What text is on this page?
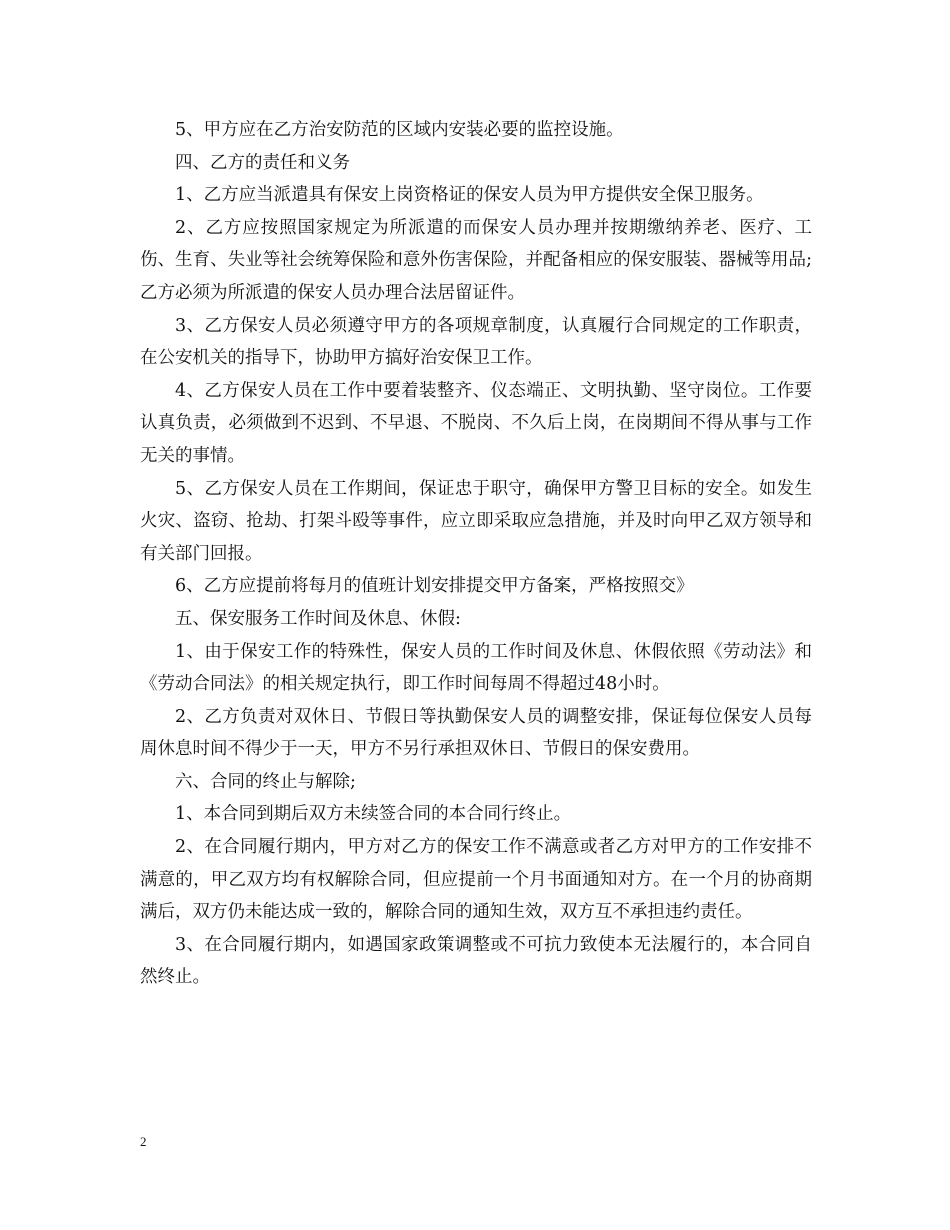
5、甲方应在乙方治安防范的区域内安装必要的监控设施。

四、乙方的责任和义务

1、乙方应当派遣具有保安上岗资格证的保安人员为甲方提供安全保卫服务。

2、乙方应按照国家规定为所派遣的而保安人员办理并按期缴纳养老、医疗、工伤、生育、失业等社会统筹保险和意外伤害保险，并配备相应的保安服装、器械等用品;乙方必须为所派遣的保安人员办理合法居留证件。

3、乙方保安人员必须遵守甲方的各项规章制度，认真履行合同规定的工作职责，在公安机关的指导下，协助甲方搞好治安保卫工作。

4、乙方保安人员在工作中要着装整齐、仪态端正、文明执勤、坚守岗位。工作要认真负责，必须做到不迟到、不早退、不脱岗、不久后上岗，在岗期间不得从事与工作无关的事情。

5、乙方保安人员在工作期间，保证忠于职守，确保甲方警卫目标的安全。如发生火灾、盗窃、抢劫、打架斗殴等事件，应立即采取应急措施，并及时向甲乙双方领导和有关部门回报。

6、乙方应提前将每月的值班计划安排提交甲方备案，严格按照交》

五、保安服务工作时间及休息、休假:

1、由于保安工作的特殊性，保安人员的工作时间及休息、休假依照《劳动法》和《劳动合同法》的相关规定执行，即工作时间每周不得超过48小时。

2、乙方负责对双休日、节假日等执勤保安人员的调整安排，保证每位保安人员每周休息时间不得少于一天，甲方不另行承担双休日、节假日的保安费用。

六、合同的终止与解除;

1、本合同到期后双方未续签合同的本合同行终止。

2、在合同履行期内，甲方对乙方的保安工作不满意或者乙方对甲方的工作安排不满意的，甲乙双方均有权解除合同，但应提前一个月书面通知对方。在一个月的协商期满后，双方仍未能达成一致的，解除合同的通知生效，双方互不承担违约责任。

3、在合同履行期内，如遇国家政策调整或不可抗力致使本无法履行的，本合同自然终止。

2
